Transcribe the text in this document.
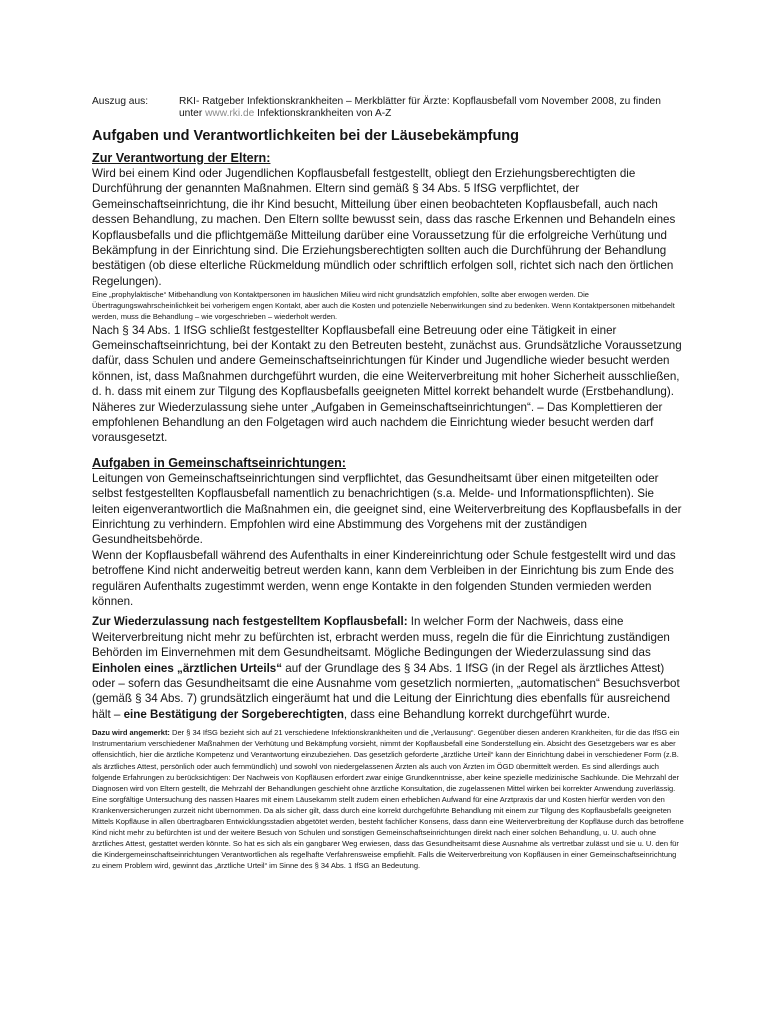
Auszug aus:	RKI- Ratgeber Infektionskrankheiten – Merkblätter für Ärzte: Kopflausbefall vom November 2008, zu finden unter www.rki.de Infektionskrankheiten von A-Z
Aufgaben und Verantwortlichkeiten bei der Läusebekämpfung
Zur Verantwortung der Eltern:

Wird bei einem Kind oder Jugendlichen Kopflausbefall festgestellt, obliegt den Erziehungsberechtigten die Durchführung der genannten Maßnahmen. Eltern sind gemäß § 34 Abs. 5 IfSG verpflichtet, der Gemeinschaftseinrichtung, die ihr Kind besucht, Mitteilung über einen beobachteten Kopflausbefall, auch nach dessen Behandlung, zu machen. Den Eltern sollte bewusst sein, dass das rasche Erkennen und Behandeln eines Kopflausbefalls und die pflichtgemäße Mitteilung darüber eine Voraussetzung für die erfolgreiche Verhütung und Bekämpfung in der Einrichtung sind. Die Erziehungsberechtigten sollten auch die Durchführung der Behandlung bestätigen (ob diese elterliche Rückmeldung mündlich oder schriftlich erfolgen soll, richtet sich nach den örtlichen Regelungen).

Eine „prophylaktische“ Mitbehandlung von Kontaktpersonen im häuslichen Milieu wird nicht grundsätzlich empfohlen, sollte aber erwogen werden. Die Übertragungswahrscheinlichkeit bei vorherigem engen Kontakt, aber auch die Kosten und potenzielle Nebenwirkungen sind zu bedenken. Wenn Kontaktpersonen mitbehandelt werden, muss die Behandlung – wie vorgeschrieben – wiederholt werden.

Nach § 34 Abs. 1 IfSG schließt festgestellter Kopflausbefall eine Betreuung oder eine Tätigkeit in einer Gemeinschaftseinrichtung, bei der Kontakt zu den Betreuten besteht, zunächst aus. Grundsätzliche Voraussetzung dafür, dass Schulen und andere Gemeinschaftseinrichtungen für Kinder und Jugendliche wieder besucht werden können, ist, dass Maßnahmen durchgeführt wurden, die eine Weiterverbreitung mit hoher Sicherheit ausschließen, d. h. dass mit einem zur Tilgung des Kopflausbefalls geeigneten Mittel korrekt behandelt wurde (Erstbehandlung).

Näheres zur Wiederzulassung siehe unter „Aufgaben in Gemeinschaftseinrichtungen“. – Das Komplettieren der empfohlenen Behandlung an den Folgetagen wird auch nachdem die Einrichtung wieder besucht werden darf vorausgesetzt.

Aufgaben in Gemeinschaftseinrichtungen:

Leitungen von Gemeinschaftseinrichtungen sind verpflichtet, das Gesundheitsamt über einen mitgeteilten oder selbst festgestellten Kopflausbefall namentlich zu benachrichtigen (s.a. Melde- und Informationspflichten). Sie leiten eigenverantwortlich die Maßnahmen ein, die geeignet sind, eine Weiterverbreitung des Kopflausbefalls in der Einrichtung zu verhindern. Empfohlen wird eine Abstimmung des Vorgehens mit der zuständigen Gesundheitsbehörde.

Wenn der Kopflausbefall während des Aufenthalts in einer Kindereinrichtung oder Schule festgestellt wird und das betroffene Kind nicht anderweitig betreut werden kann, kann dem Verbleiben in der Einrichtung bis zum Ende des regulären Aufenthalts zugestimmt werden, wenn enge Kontakte in den folgenden Stunden vermieden werden können.

Zur Wiederzulassung nach festgestelltem Kopflausbefall: In welcher Form der Nachweis, dass eine Weiterverbreitung nicht mehr zu befürchten ist, erbracht werden muss, regeln die für die Einrichtung zuständigen Behörden im Einvernehmen mit dem Gesundheitsamt. Mögliche Bedingungen der Wiederzulassung sind das Einholen eines „ärztlichen Urteils“ auf der Grundlage des § 34 Abs. 1 IfSG (in der Regel als ärztliches Attest) oder – sofern das Gesundheitsamt die eine Ausnahme vom gesetzlich normierten, „automatischen“ Besuchsverbot (gemäß § 34 Abs. 7) grundsätzlich eingeräumt hat und die Leitung der Einrichtung dies ebenfalls für ausreichend hält – eine Bestätigung der Sorgeberechtigten, dass eine Behandlung korrekt durchgeführt wurde.

Dazu wird angemerkt: Der § 34 IfSG bezieht sich auf 21 verschiedene Infektionskrankheiten und die „Verlausung“. Gegenüber diesen anderen Krankheiten, für die das IfSG ein Instrumentarium verschiedener Maßnahmen der Verhütung und Bekämpfung vorsieht, nimmt der Kopflausbefall eine Sonderstellung ein. Absicht des Gesetzgebers war es aber offensichtlich, hier die ärztliche Kompetenz und Verantwortung einzubeziehen. Das gesetzlich geforderte „ärztliche Urteil“ kann der Einrichtung dabei in verschiedener Form (z.B. als ärztliches Attest, persönlich oder auch fernmündlich) und sowohl von niedergelassenen Ärzten als auch von Ärzten im ÖGD übermittelt werden. Es sind allerdings auch folgende Erfahrungen zu berücksichtigen: Der Nachweis von Kopfläusen erfordert zwar einige Grundkenntnisse, aber keine spezielle medizinische Sachkunde. Die Mehrzahl der Diagnosen wird von Eltern gestellt, die Mehrzahl der Behandlungen geschieht ohne ärztliche Konsultation, die zugelassenen Mittel wirken bei korrekter Anwendung zuverlässig. Eine sorgfältige Untersuchung des nassen Haares mit einem Läusekamm stellt zudem einen erheblichen Aufwand für eine Arztpraxis dar und Kosten hierfür werden von den Krankenversicherungen zurzeit nicht übernommen. Da als sicher gilt, dass durch eine korrekt durchgeführte Behandlung mit einem zur Tilgung des Kopflausbefalls geeigneten Mittels Kopfläuse in allen übertragbaren Entwicklungsstadien abgetötet werden, besteht fachlicher Konsens, dass dann eine Weiterverbreitung der Kopfläuse durch das betroffene Kind nicht mehr zu befürchten ist und der weitere Besuch von Schulen und sonstigen Gemeinschaftseinrichtungen direkt nach einer solchen Behandlung, u. U. auch ohne ärztliches Attest, gestattet werden könnte. So hat es sich als ein gangbarer Weg erwiesen, dass das Gesundheitsamt diese Ausnahme als vertretbar zulässt und sie u. U. den für die Kindergemeinschaftseinrichtungen Verantwortlichen als regelhafte Verfahrensweise empfiehlt. Falls die Weiterverbreitung von Kopfläusen in einer Gemeinschaftseinrichtung zu einem Problem wird, gewinnt das „ärztliche Urteil“ im Sinne des § 34 Abs. 1 IfSG an Bedeutung.
